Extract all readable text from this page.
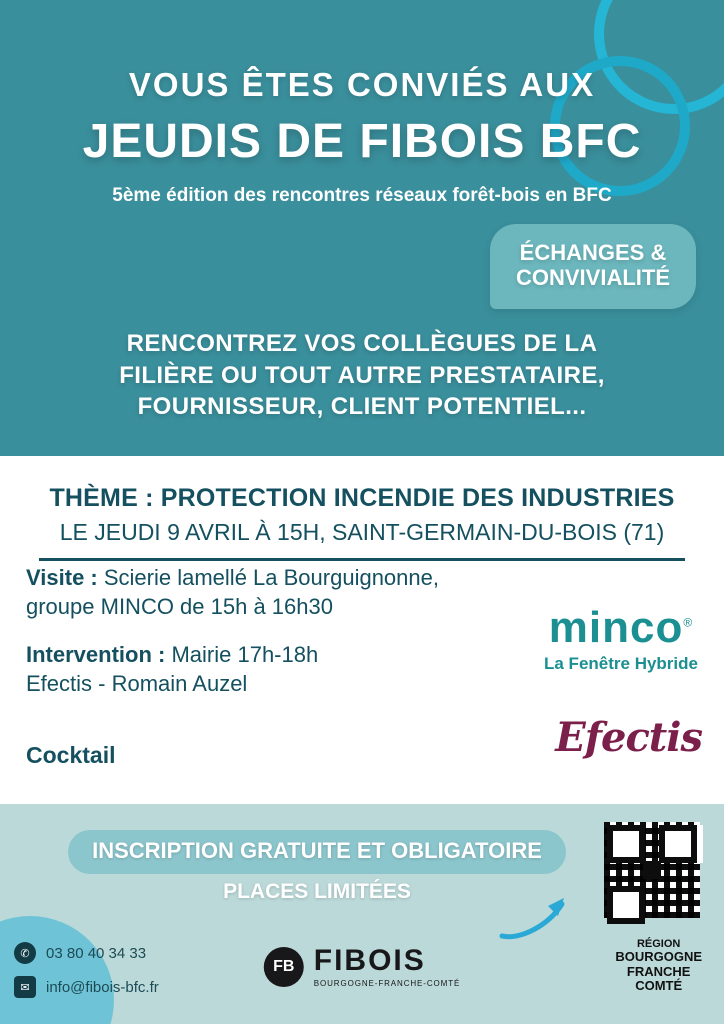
VOUS ÊTES CONVIÉS AUX
JEUDIS DE FIBOIS BFC
5ème édition des rencontres réseaux forêt-bois en BFC
ÉCHANGES &
CONVIVIALITÉ
RENCONTREZ VOS COLLÈGUES DE LA
FILIÈRE OU TOUT AUTRE PRESTATAIRE,
FOURNISSEUR, CLIENT POTENTIEL...
THÈME : PROTECTION INCENDIE DES INDUSTRIES
LE JEUDI 9 AVRIL À 15H, SAINT-GERMAIN-DU-BOIS (71)
Visite : Scierie lamellé La Bourguignonne,
groupe MINCO de 15h à 16h30
Intervention : Mairie 17h-18h
Efectis - Romain Auzel
Cocktail
minco®
La Fenêtre Hybride
Efectis
INSCRIPTION GRATUITE ET OBLIGATOIRE
PLACES LIMITÉES
✆	03 80 40 34 33
✉	info@fibois-bfc.fr
FB FIBOIS
BOURGOGNE-FRANCHE-COMTÉ
RÉGION
BOURGOGNE
FRANCHE
COMTÉ
